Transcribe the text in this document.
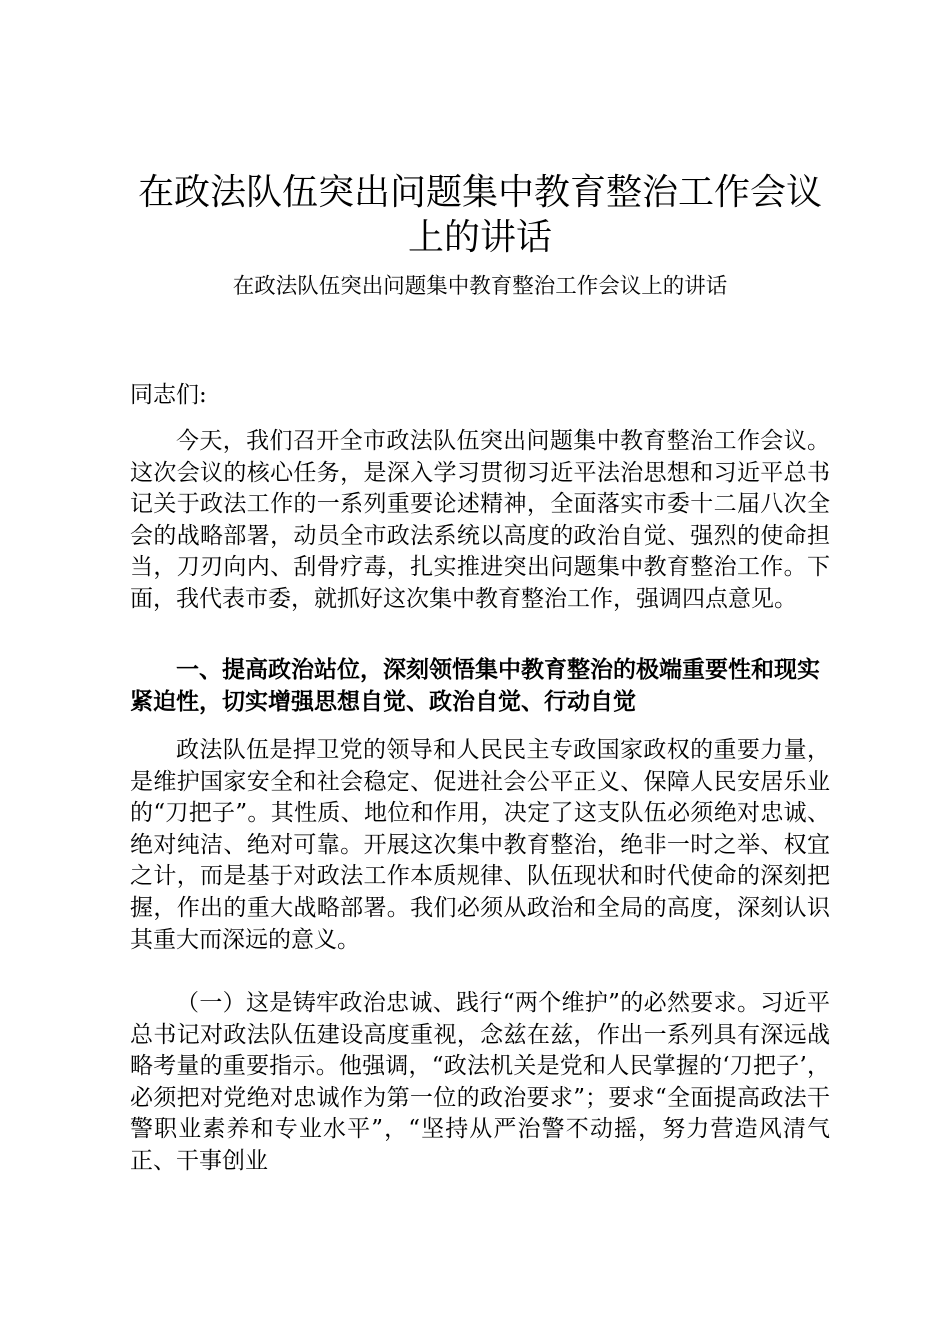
在政法队伍突出问题集中教育整治工作会议上的讲话

在政法队伍突出问题集中教育整治工作会议上的讲话

同志们:

今天，我们召开全市政法队伍突出问题集中教育整治工作会议。这次会议的核心任务，是深入学习贯彻习近平法治思想和习近平总书记关于政法工作的一系列重要论述精神，全面落实市委十二届八次全会的战略部署，动员全市政法系统以高度的政治自觉、强烈的使命担当，刀刃向内、刮骨疗毒，扎实推进突出问题集中教育整治工作。下面，我代表市委，就抓好这次集中教育整治工作，强调四点意见。

一、提高政治站位，深刻领悟集中教育整治的极端重要性和现实紧迫性，切实增强思想自觉、政治自觉、行动自觉

政法队伍是捍卫党的领导和人民民主专政国家政权的重要力量，是维护国家安全和社会稳定、促进社会公平正义、保障人民安居乐业的“刀把子”。其性质、地位和作用，决定了这支队伍必须绝对忠诚、绝对纯洁、绝对可靠。开展这次集中教育整治，绝非一时之举、权宜之计，而是基于对政法工作本质规律、队伍现状和时代使命的深刻把握，作出的重大战略部署。我们必须从政治和全局的高度，深刻认识其重大而深远的意义。

（一）这是铸牢政治忠诚、践行“两个维护”的必然要求。习近平总书记对政法队伍建设高度重视，念兹在兹，作出一系列具有深远战略考量的重要指示。他强调，“政法机关是党和人民掌握的‘刀把子’，必须把对党绝对忠诚作为第一位的政治要求”；要求“全面提高政法干警职业素养和专业水平”，“坚持从严治警不动摇，努力营造风清气正、干事创业
